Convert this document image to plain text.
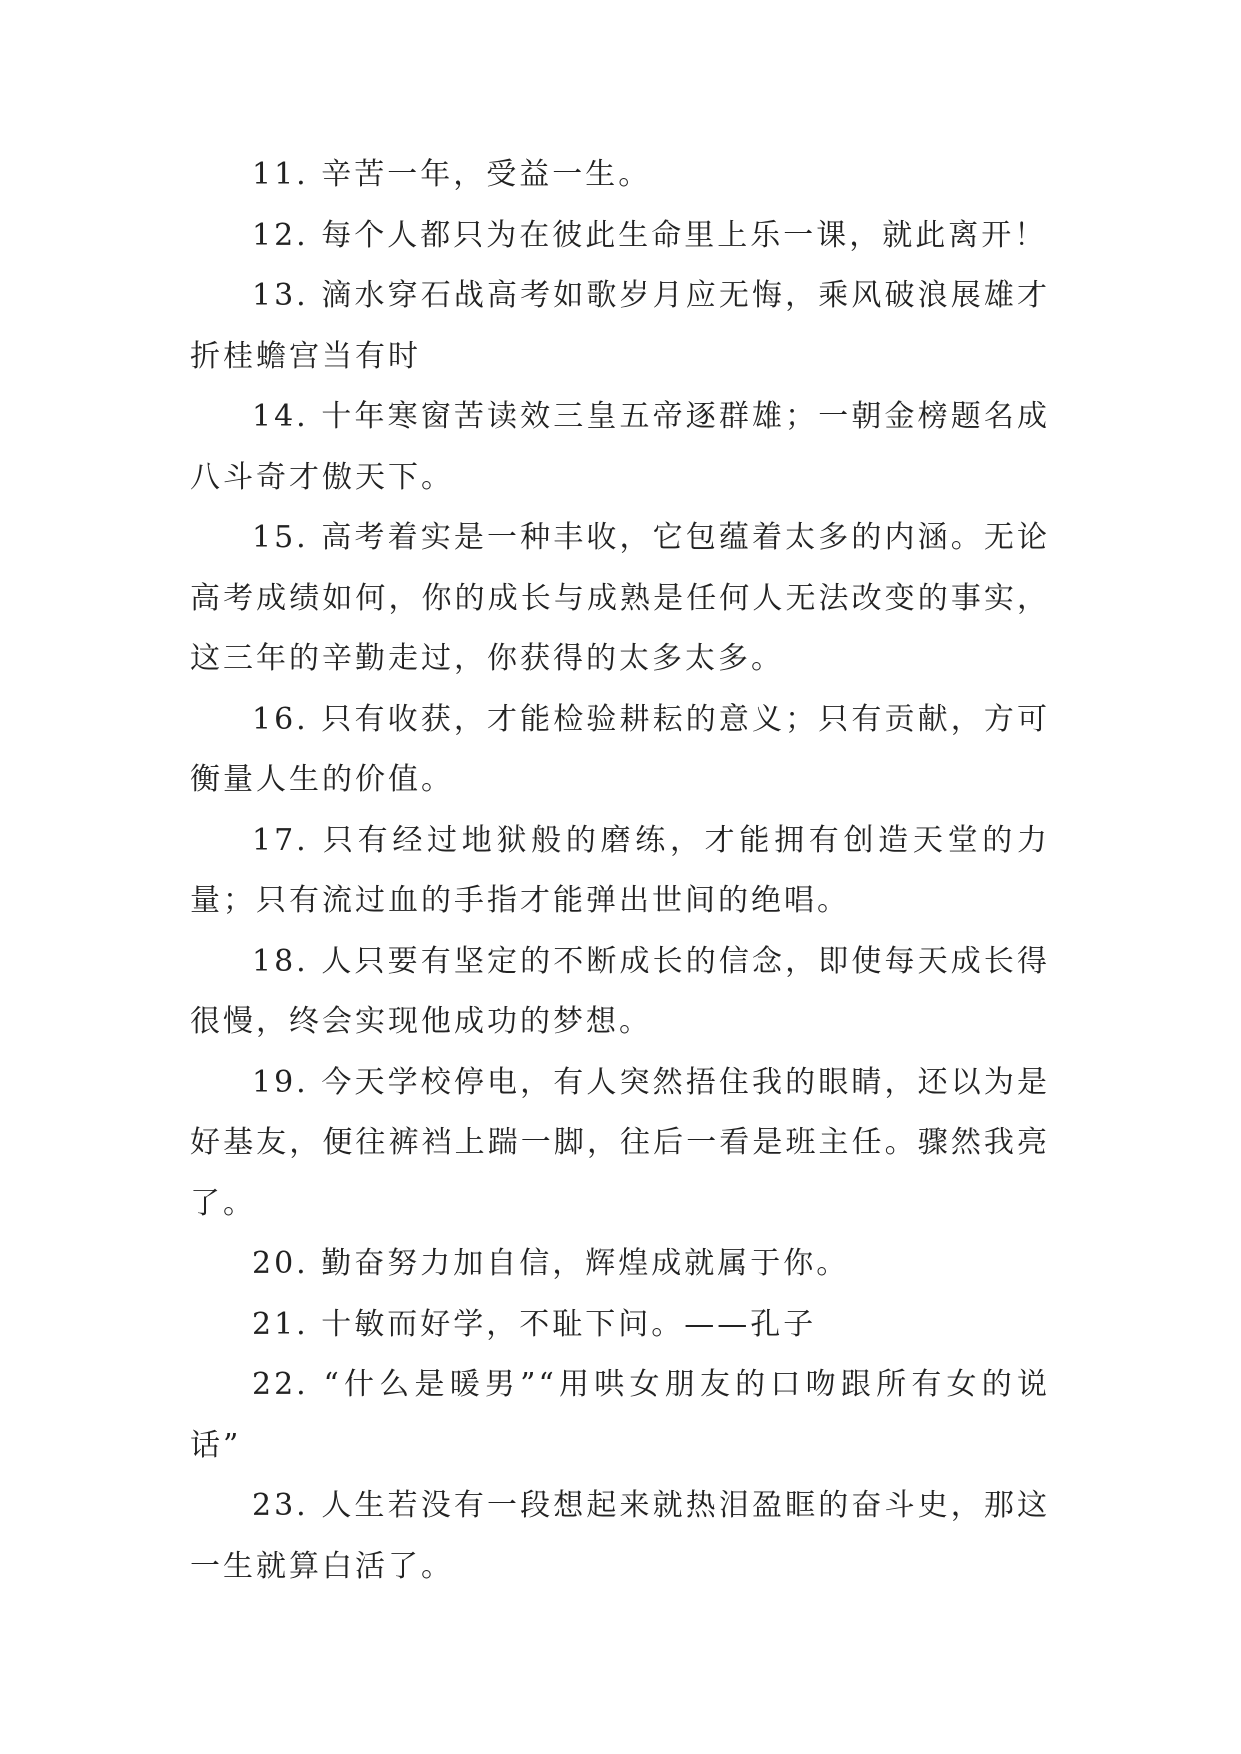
11. 辛苦一年，受益一生。

12. 每个人都只为在彼此生命里上乐一课，就此离开！

13. 滴水穿石战高考如歌岁月应无悔，乘风破浪展雄才折桂蟾宫当有时

14. 十年寒窗苦读效三皇五帝逐群雄；一朝金榜题名成八斗奇才傲天下。

15. 高考着实是一种丰收，它包蕴着太多的内涵。无论高考成绩如何，你的成长与成熟是任何人无法改变的事实，这三年的辛勤走过，你获得的太多太多。

16. 只有收获，才能检验耕耘的意义；只有贡献，方可衡量人生的价值。

17. 只有经过地狱般的磨练，才能拥有创造天堂的力量；只有流过血的手指才能弹出世间的绝唱。

18. 人只要有坚定的不断成长的信念，即使每天成长得很慢，终会实现他成功的梦想。

19. 今天学校停电，有人突然捂住我的眼睛，还以为是好基友，便往裤裆上踹一脚，往后一看是班主任。骤然我亮了。

20. 勤奋努力加自信，辉煌成就属于你。

21. 十敏而好学，不耻下问。——孔子

22. “什么是暖男”“用哄女朋友的口吻跟所有女的说话”

23. 人生若没有一段想起来就热泪盈眶的奋斗史，那这一生就算白活了。
